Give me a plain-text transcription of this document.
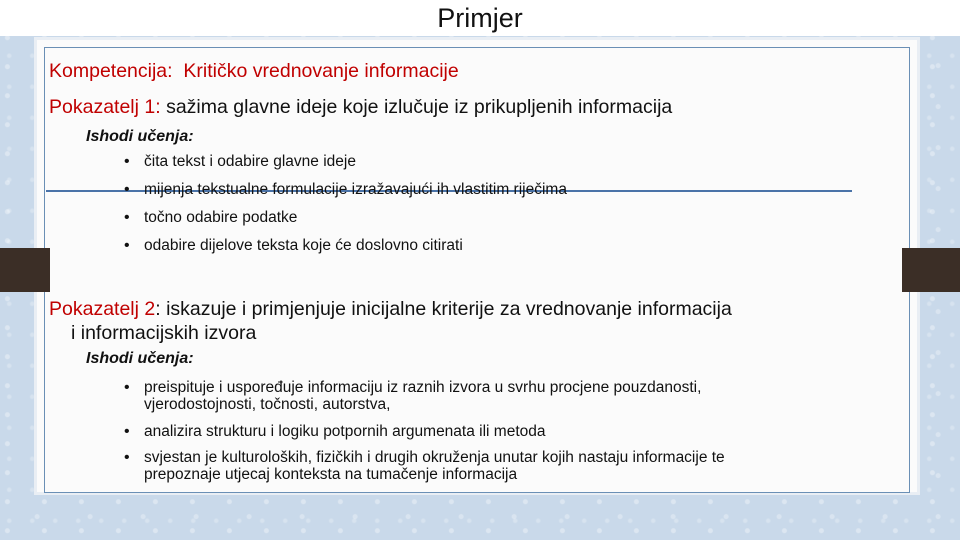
Primjer
Kompetencija: Kritičko vrednovanje informacije
Pokazatelj 1: sažima glavne ideje koje izlučuje iz prikupljenih informacija
Ishodi učenja:
• čita tekst i odabire glavne ideje
• mijenja tekstualne formulacije izražavajući ih vlastitim riječima
• točno odabire podatke
• odabire dijelove teksta koje će doslovno citirati
Pokazatelj 2: iskazuje i primjenjuje inicijalne kriterije za vrednovanje informacija
i informacijskih izvora
Ishodi učenja:
• preispituje i uspoređuje informaciju iz raznih izvora u svrhu procjene pouzdanosti,
vjerodostojnosti, točnosti, autorstva,
• analizira strukturu i logiku potpornih argumenata ili metoda
• svjestan je kulturoloških, fizičkih i drugih okruženja unutar kojih nastaju informacije te
prepoznaje utjecaj konteksta na tumačenje informacija
